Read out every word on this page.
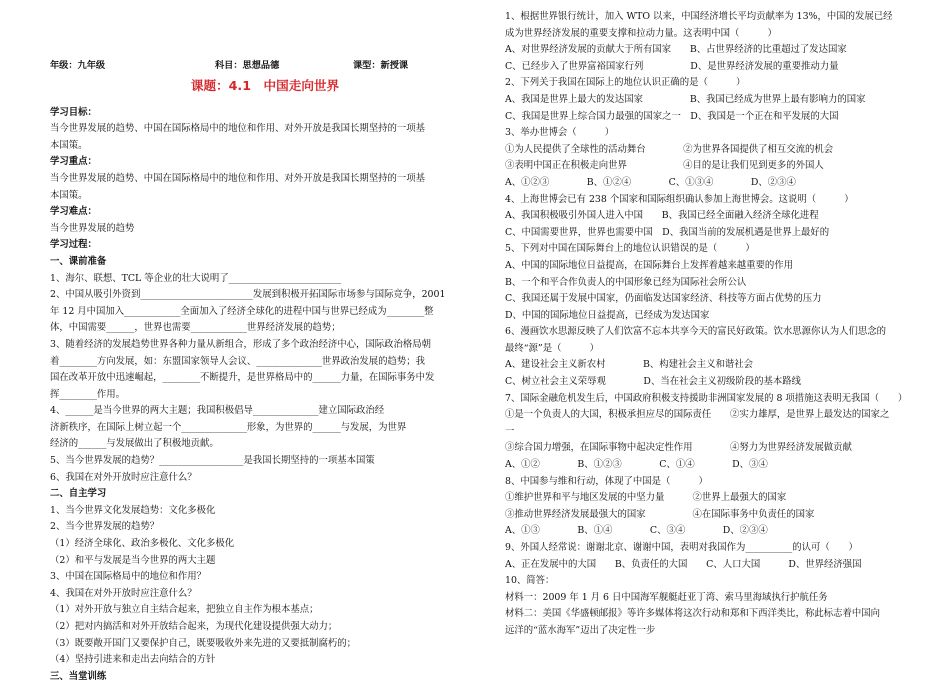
年级：九年级	科目：思想品德	课型：新授课
课题：4.1　中国走向世界
学习目标：
当今世界发展的趋势、中国在国际格局中的地位和作用、对外开放是我国长期坚持的一项基
本国策。
学习重点：
当今世界发展的趋势、中国在国际格局中的地位和作用、对外开放是我国长期坚持的一项基
本国策。
学习难点：
当今世界发展的趋势
学习过程：
一、课前准备
1、海尔、联想、TCL 等企业的壮大说明了________________________
2、中国从吸引外资到________________________发展到积极开拓国际市场参与国际竞争，2001
年 12 月中国加入____________全面加入了经济全球化的进程中国与世界已经成为________整
体，中国需要______，世界也需要____________世界经济发展的趋势；
3、随着经济的发展趋势世界各种力量从新组合，形成了多个政治经济中心，国际政治格局朝
着________方向发展，如：东盟国家领导人会议、______________世界政治发展的趋势；我
国在改革开放中迅速崛起，________不断提升，是世界格局中的______力量，在国际事务中发
挥________作用。
4、______是当今世界的两大主题；我国积极倡导______________建立国际政治经
济新秩序，在国际上树立起一个______________形象，为世界的______与发展，为世界
经济的______与发展做出了积极地贡献。
5、当今世界发展的趋势？__________________是我国长期坚持的一项基本国策
6、我国在对外开放时应注意什么？
二、自主学习
1、当今世界文化发展趋势：文化多极化
2、当今世界发展的趋势？
（1）经济全球化、政治多极化、文化多极化
（2）和平与发展是当今世界的两大主题
3、中国在国际格局中的地位和作用？
4、我国在对外开放时应注意什么？
（1）对外开放与独立自主结合起来，把独立自主作为根本基点；
（2）把对内搞活和对外开放结合起来，为现代化建设提供强大动力；
（3）既要敞开国门又要保护自己，既要吸收外来先进的又要抵制腐朽的；
（4）坚持引进来和走出去向结合的方针
三、当堂训练
1、根据世界银行统计，加入 WTO 以来，中国经济增长平均贡献率为 13%，中国的发展已经
成为世界经济发展的重要支撑和拉动力量。这表明中国（　　　）
A、对世界经济发展的贡献大于所有国家　　B、占世界经济的比重超过了发达国家
C、已经步入了世界富裕国家行列　　　　　D、是世界经济发展的重要推动力量
2、下列关于我国在国际上的地位认识正确的是（　　　）
A、我国是世界上最大的发达国家　　　　　B、我国已经成为世界上最有影响力的国家
C、我国是世界上综合国力最强的国家之一　D、我国是一个正在和平发展的大国
3、举办世博会（　　　）
①为人民提供了全球性的活动舞台　　　　②为世界各国提供了相互交流的机会
③表明中国正在积极走向世界　　　　　　④目的是让我们见到更多的外国人
A、①②③　　　　B、①②④　　　　C、①③④　　　　D、②③④
4、上海世博会已有 238 个国家和国际组织确认参加上海世博会。这说明（　　　）
A、我国积极吸引外国人进入中国　　B、我国已经全面融入经济全球化进程
C、中国需要世界，世界也需要中国　D、我国当前的发展机遇是世界上最好的
5、下列对中国在国际舞台上的地位认识错误的是（　　　）
A、中国的国际地位日益提高，在国际舞台上发挥着越来越重要的作用
B、一个和平合作负责人的中国形象已经为国际社会所公认
C、我国还属于发展中国家，仍面临发达国家经济、科技等方面占优势的压力
D、中国的国际地位日益提高，已经成为发达国家
6、漫画饮水思源反映了人们饮富不忘本共享今天的富民好政策。饮水思源你认为人们思念的
最终“源”是（　　　）
A、建设社会主义新农村　　　　B、构建社会主义和谐社会
C、树立社会主义荣辱观　　　　D、当在社会主义初级阶段的基本路线
7、国际金融危机发生后，中国政府积极支持援助非洲国家发展的 8 项措施这表明无我国（　　）
①是一个负责人的大国，积极承担应尽的国际责任　　②实力雄厚，是世界上最发达的国家之
一
③综合国力增强，在国际事物中起决定性作用　　　　④努力为世界经济发展做贡献
A、①②　　　　B、①②③　　　　C、①④　　　　D、③④
8、中国参与维和行动，体现了中国是（　　　）
①维护世界和平与地区发展的中坚力量　　　②世界上最强大的国家
③推动世界经济发展最强大的国家　　　　　④在国际事务中负责任的国家
A、①③　　　　B、①④　　　　C、③④　　　　D、②③④
9、外国人经常说：谢谢北京、谢谢中国，表明对我国作为__________的认可（　　）
A、正在发展中的大国　　B、负责任的大国　　C、人口大国　　　D、世界经济强国
10、简答：
材料一：2009 年 1 月 6 日中国海军舰艇赶亚丁湾、索马里海域执行护航任务
材料二：美国《华盛顿邮报》等许多媒体将这次行动和郑和下西洋类比，称此标志着中国向
远洋的“蓝水海军”迈出了决定性一步
